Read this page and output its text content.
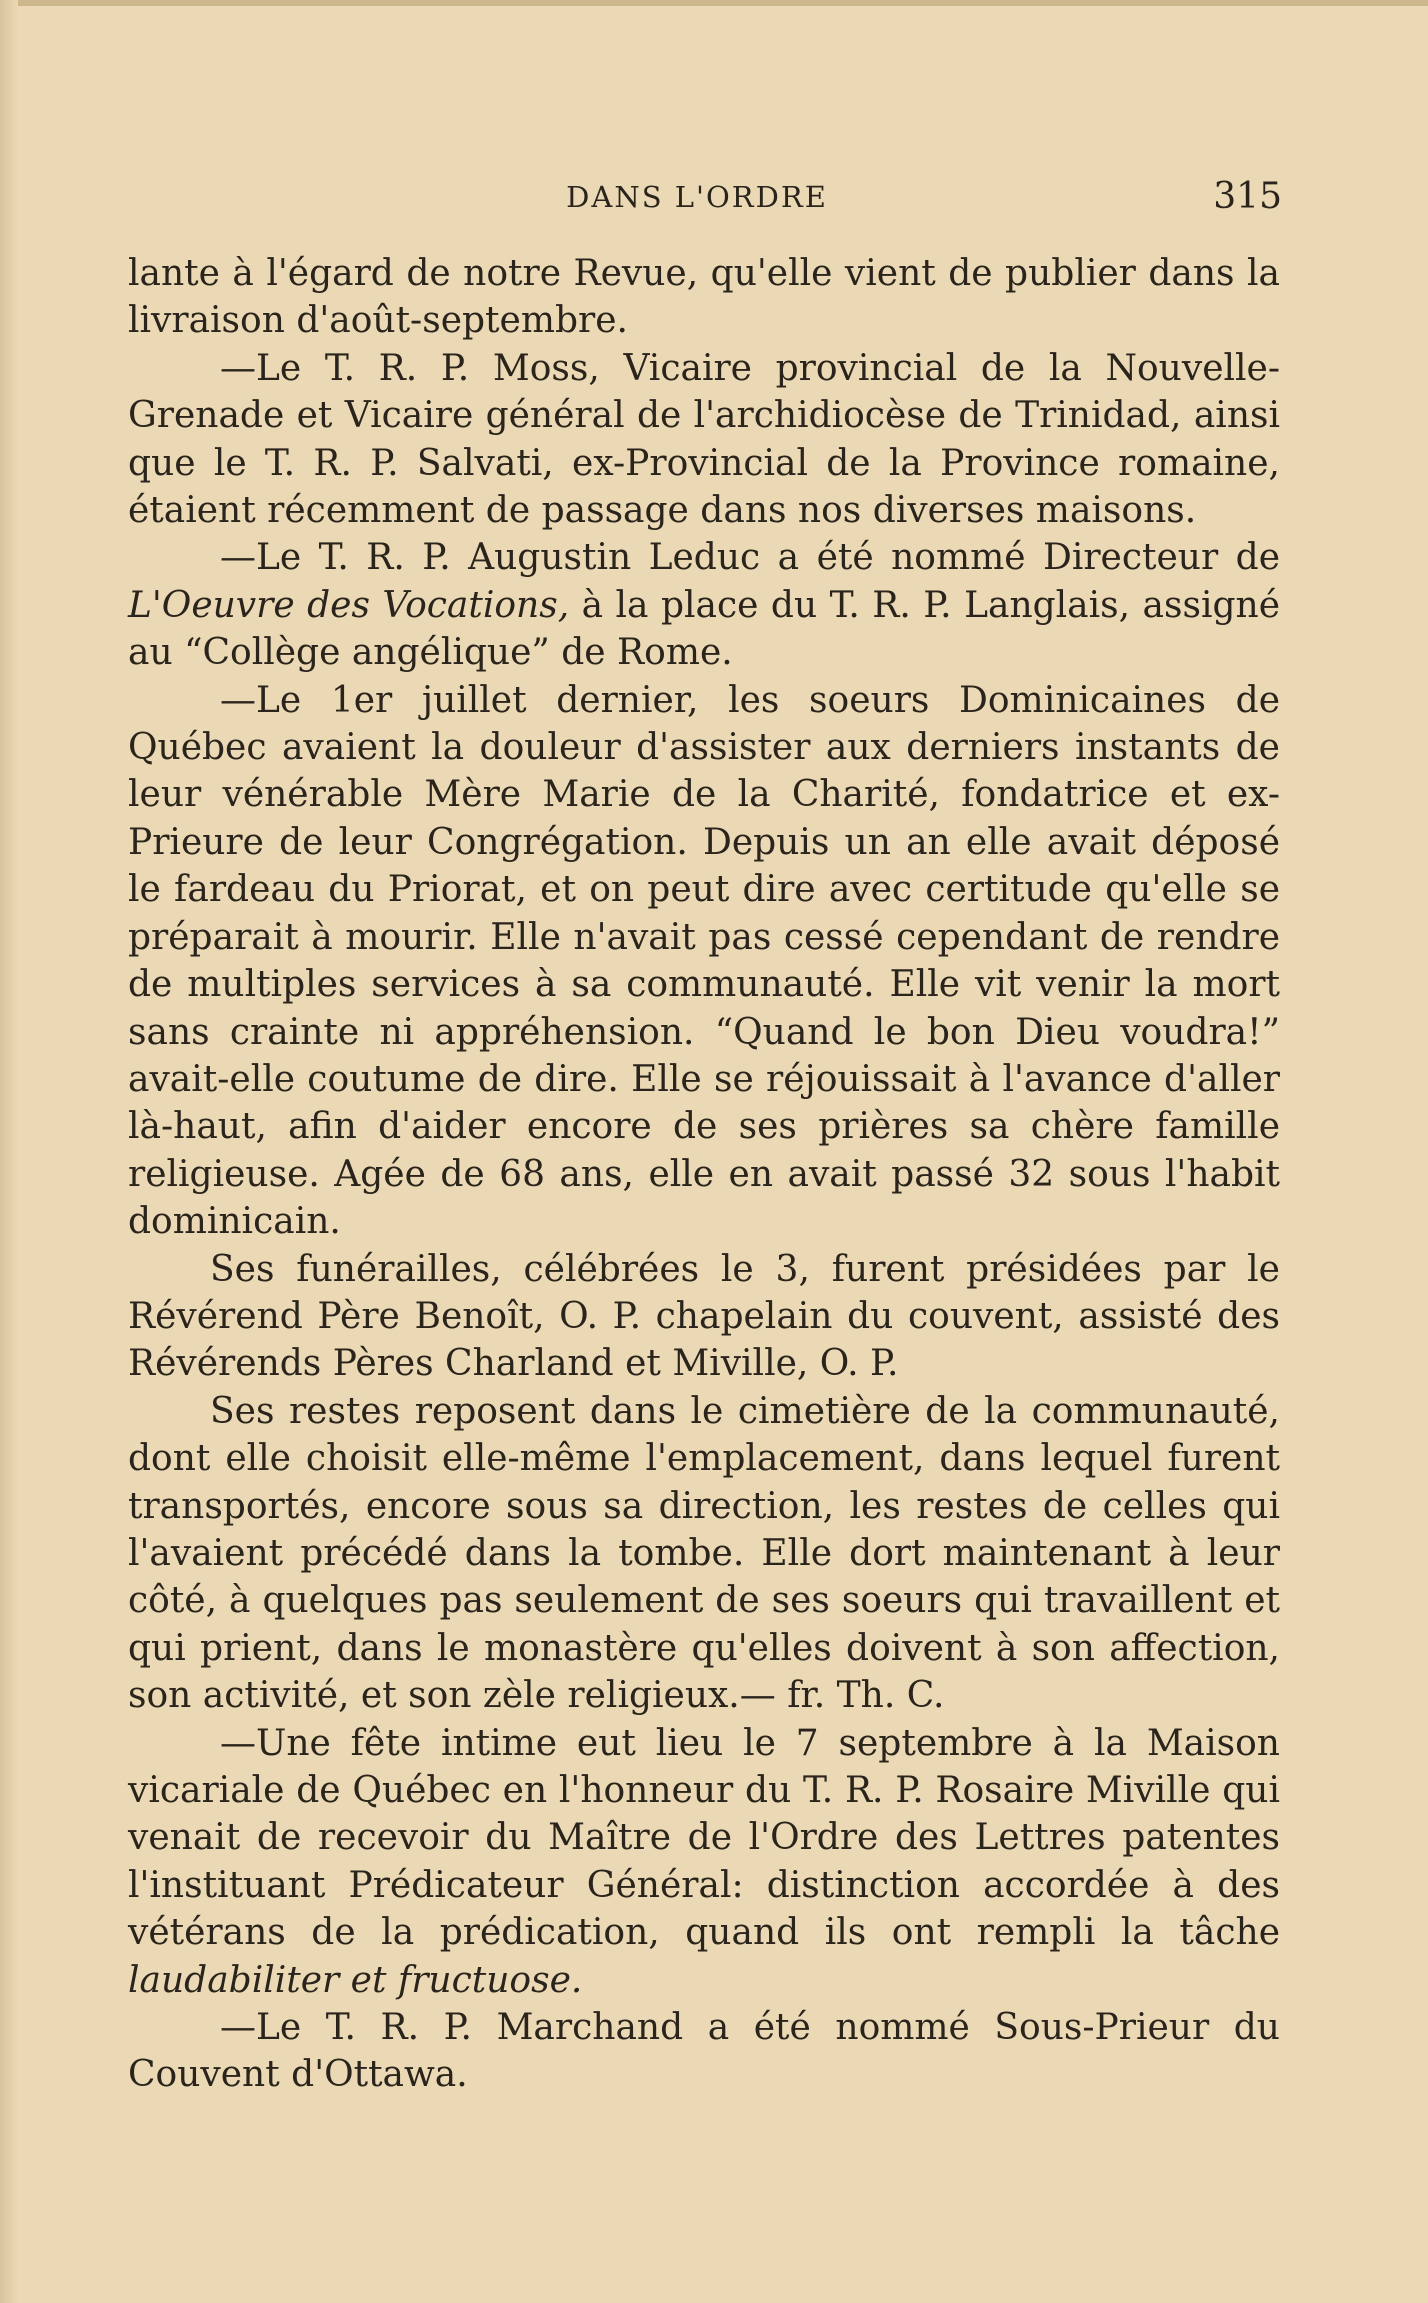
DANS L'ORDRE	315

lante à l'égard de notre Revue, qu'elle vient de publier dans la livraison d'août-septembre.

—Le T. R. P. Moss, Vicaire provincial de la Nouvelle-Grenade et Vicaire général de l'archidiocèse de Trinidad, ainsi que le T. R. P. Salvati, ex-Provincial de la Province romaine, étaient récemment de passage dans nos diverses maisons.

—Le T. R. P. Augustin Leduc a été nommé Directeur de L'Oeuvre des Vocations, à la place du T. R. P. Langlais, assigné au “Collège angélique” de Rome.

—Le 1er juillet dernier, les soeurs Dominicaines de Québec avaient la douleur d'assister aux derniers instants de leur vénérable Mère Marie de la Charité, fondatrice et ex-Prieure de leur Congrégation. Depuis un an elle avait déposé le fardeau du Priorat, et on peut dire avec certitude qu'elle se préparait à mourir. Elle n'avait pas cessé cependant de rendre de multiples services à sa communauté. Elle vit venir la mort sans crainte ni appréhension. “Quand le bon Dieu voudra!” avait-elle coutume de dire. Elle se réjouissait à l'avance d'aller là-haut, afin d'aider encore de ses prières sa chère famille religieuse. Agée de 68 ans, elle en avait passé 32 sous l'habit dominicain.

Ses funérailles, célébrées le 3, furent présidées par le Révérend Père Benoît, O. P. chapelain du couvent, assisté des Révérends Pères Charland et Miville, O. P.

Ses restes reposent dans le cimetière de la communauté, dont elle choisit elle-même l'emplacement, dans lequel furent transportés, encore sous sa direction, les restes de celles qui l'avaient précédé dans la tombe. Elle dort maintenant à leur côté, à quelques pas seulement de ses soeurs qui travaillent et qui prient, dans le monastère qu'elles doivent à son affection, son activité, et son zèle religieux.— fr. Th. C.

—Une fête intime eut lieu le 7 septembre à la Maison vicariale de Québec en l'honneur du T. R. P. Rosaire Miville qui venait de recevoir du Maître de l'Ordre des Lettres patentes l'instituant Prédicateur Général: distinction accordée à des vétérans de la prédication, quand ils ont rempli la tâche laudabiliter et fructuose.

—Le T. R. P. Marchand a été nommé Sous-Prieur du Couvent d'Ottawa.
